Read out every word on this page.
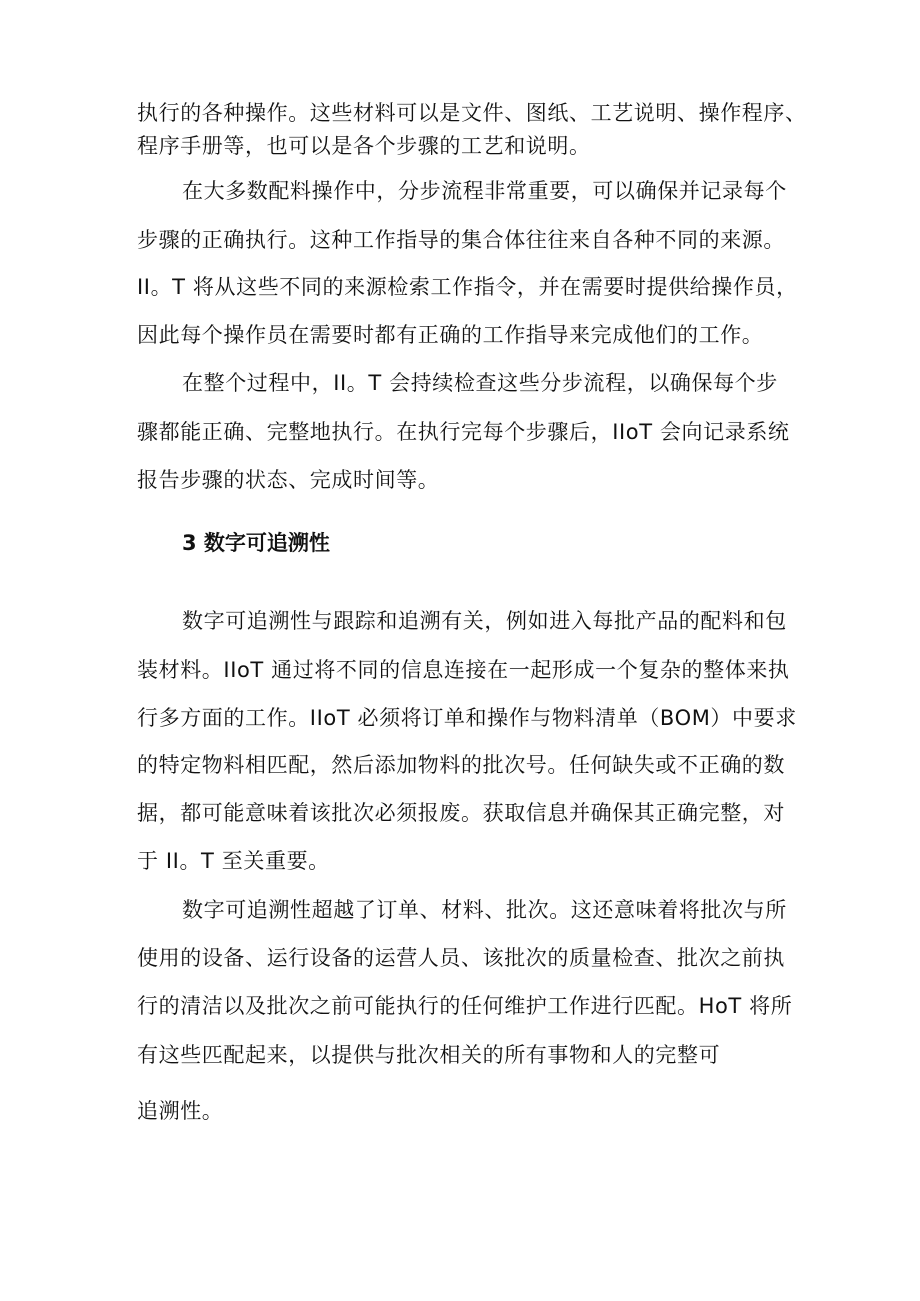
执行的各种操作。这些材料可以是文件、图纸、工艺说明、操作程序、
程序手册等，也可以是各个步骤的工艺和说明。
在大多数配料操作中，分步流程非常重要，可以确保并记录每个
步骤的正确执行。这种工作指导的集合体往往来自各种不同的来源。
II。T 将从这些不同的来源检索工作指令，并在需要时提供给操作员，
因此每个操作员在需要时都有正确的工作指导来完成他们的工作。
在整个过程中，II。T 会持续检查这些分步流程，以确保每个步
骤都能正确、完整地执行。在执行完每个步骤后，IIoT 会向记录系统
报告步骤的状态、完成时间等。
3 数字可追溯性
数字可追溯性与跟踪和追溯有关，例如进入每批产品的配料和包
装材料。IIoT 通过将不同的信息连接在一起形成一个复杂的整体来执
行多方面的工作。IIoT 必须将订单和操作与物料清单（BOM）中要求
的特定物料相匹配，然后添加物料的批次号。任何缺失或不正确的数
据，都可能意味着该批次必须报废。获取信息并确保其正确完整，对
于 II。T 至关重要。
数字可追溯性超越了订单、材料、批次。这还意味着将批次与所
使用的设备、运行设备的运营人员、该批次的质量检查、批次之前执
行的清洁以及批次之前可能执行的任何维护工作进行匹配。HoT 将所
有这些匹配起来，以提供与批次相关的所有事物和人的完整可
追溯性。
